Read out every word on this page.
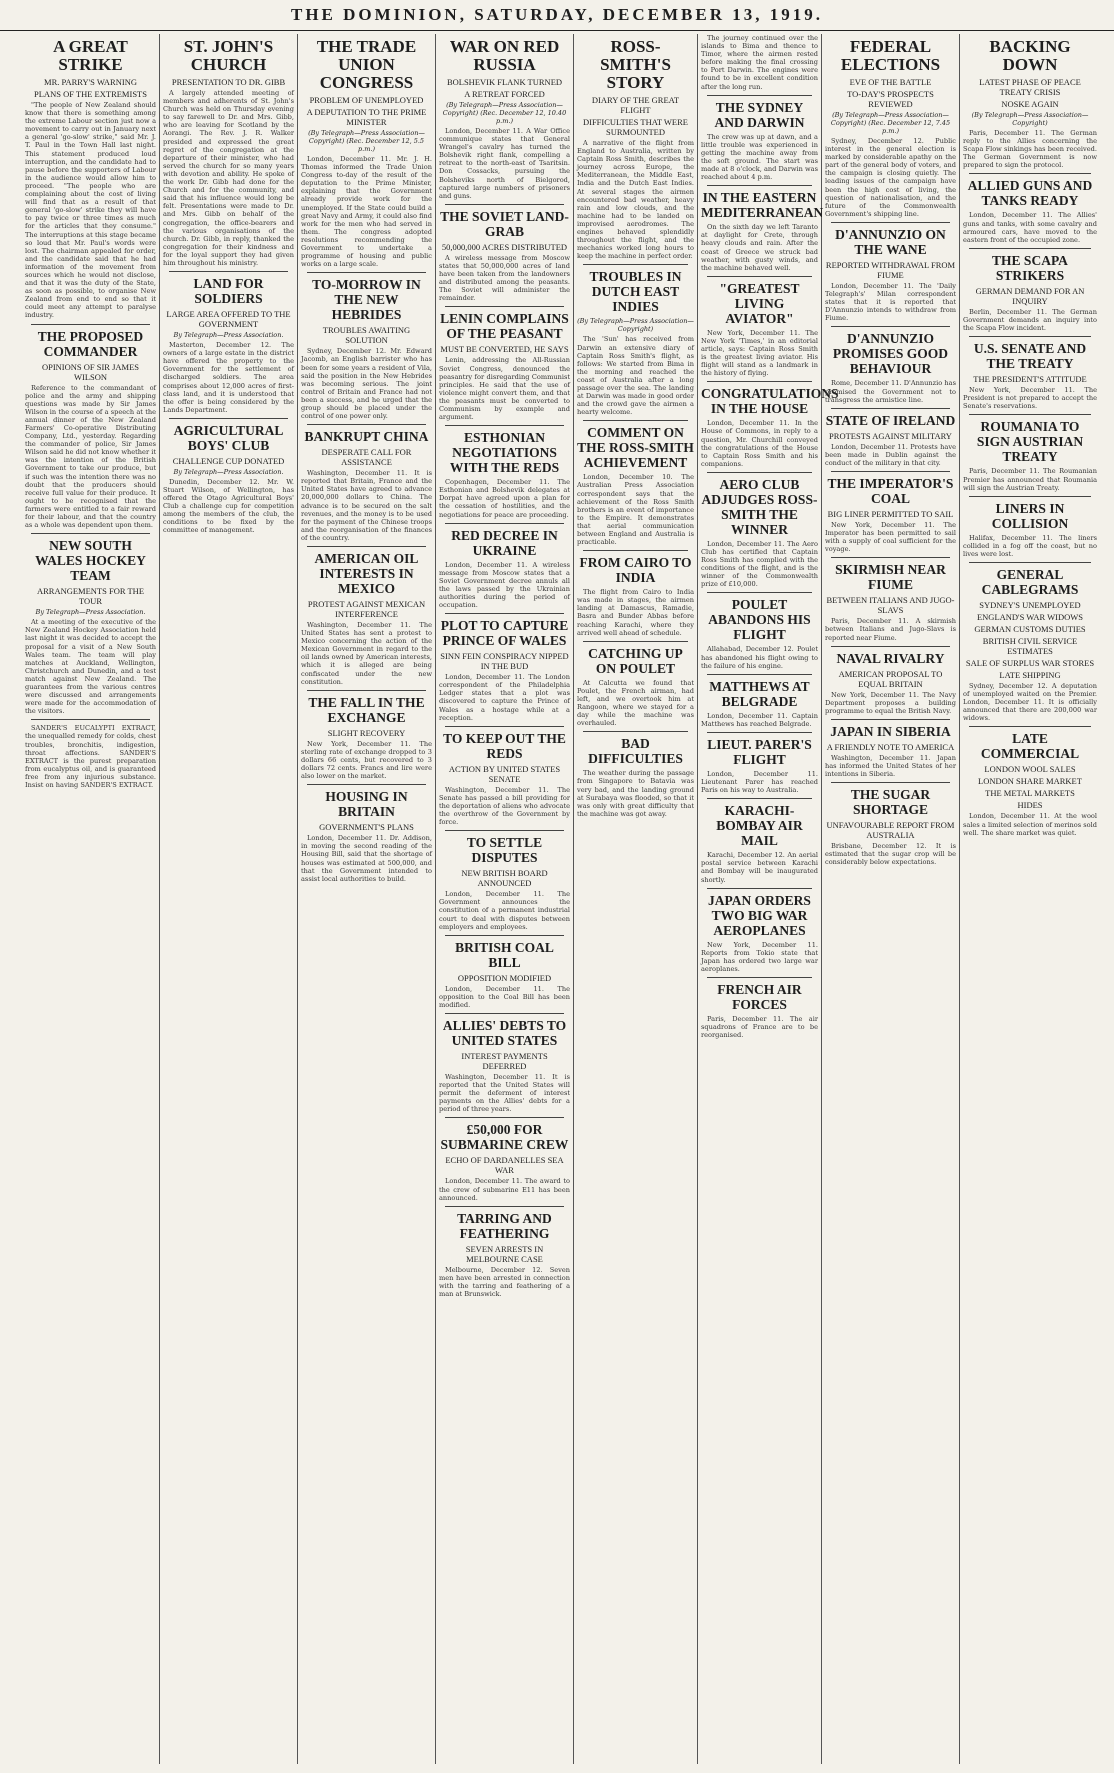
THE DOMINION, SATURDAY, DECEMBER 13, 1919.
A GREAT STRIKE
MR. PARRY'S WARNING
PLANS OF THE EXTREMISTS
"The people of New Zealand should know that there is something among the extreme Labour section just now a movement to carry out in January next a general 'go-slow' strike," said Mr. J. T. Paul in the Town Hall last night. This statement produced loud interruption, and the candidate had to pause before the supporters of Labour in the audience would allow him to proceed. "The people who are complaining about the cost of living will find that as a result of that general 'go-slow' strike they will have to pay twice or three times as much for the articles that they consume." The interruptions at this stage became so loud that Mr. Paul's words were lost. The chairman appealed for order, and the candidate said that he had information of the movement from sources which he would not disclose, and that it was the duty of the State, as soon as possible, to organise New Zealand from end to end so that it could meet any attempt to paralyse industry.
THE PROPOSED COMMANDER
OPINIONS OF SIR JAMES WILSON
Reference to the commandant of police and the army and shipping questions was made by Sir James Wilson in the course of a speech at the annual dinner of the New Zealand Farmers' Co-operative Distributing Company, Ltd., yesterday. Regarding the commander of police, Sir James Wilson said he did not know whether it was the intention of the British Government to take our produce, but if such was the intention there was no doubt that the producers should receive full value for their produce. It ought to be recognised that the farmers were entitled to a fair reward for their labour, and that the country as a whole was dependent upon them.
NEW SOUTH WALES HOCKEY TEAM
ARRANGEMENTS FOR THE TOUR
By Telegraph—Press Association.
At a meeting of the executive of the New Zealand Hockey Association held last night it was decided to accept the proposal for a visit of a New South Wales team. The team will play matches at Auckland, Wellington, Christchurch and Dunedin, and a test match against New Zealand. The guarantees from the various centres were discussed and arrangements were made for the accommodation of the visitors.
SANDER'S EUCALYPTI EXTRACT, the unequalled remedy for colds, chest troubles, bronchitis, indigestion, throat affections. SANDER'S EXTRACT is the purest preparation from eucalyptus oil, and is guaranteed free from any injurious substance. Insist on having SANDER'S EXTRACT.
ST. JOHN'S CHURCH
PRESENTATION TO DR. GIBB
A largely attended meeting of members and adherents of St. John's Church was held on Thursday evening to say farewell to Dr. and Mrs. Gibb, who are leaving for Scotland by the Aorangi. The Rev. J. R. Walker presided and expressed the great regret of the congregation at the departure of their minister, who had served the church for so many years with devotion and ability. He spoke of the work Dr. Gibb had done for the Church and for the community, and said that his influence would long be felt. Presentations were made to Dr. and Mrs. Gibb on behalf of the congregation, the office-bearers and the various organisations of the church. Dr. Gibb, in reply, thanked the congregation for their kindness and for the loyal support they had given him throughout his ministry.
LAND FOR SOLDIERS
LARGE AREA OFFERED TO THE GOVERNMENT
By Telegraph—Press Association.
Masterton, December 12. The owners of a large estate in the district have offered the property to the Government for the settlement of discharged soldiers. The area comprises about 12,000 acres of first-class land, and it is understood that the offer is being considered by the Lands Department.
AGRICULTURAL BOYS' CLUB
CHALLENGE CUP DONATED
By Telegraph—Press Association.
Dunedin, December 12. Mr. W. Stuart Wilson, of Wellington, has offered the Otago Agricultural Boys' Club a challenge cup for competition among the members of the club, the conditions to be fixed by the committee of management.
THE TRADE UNION CONGRESS
PROBLEM OF UNEMPLOYED
A DEPUTATION TO THE PRIME MINISTER
(By Telegraph—Press Association—Copyright) (Rec. December 12, 5.5 p.m.)
London, December 11. Mr. J. H. Thomas informed the Trade Union Congress to-day of the result of the deputation to the Prime Minister, explaining that the Government already provide work for the unemployed. If the State could build a great Navy and Army, it could also find work for the men who had served in them. The congress adopted resolutions recommending the Government to undertake a programme of housing and public works on a large scale.
TO-MORROW IN THE NEW HEBRIDES
TROUBLES AWAITING SOLUTION
Sydney, December 12. Mr. Edward Jacomb, an English barrister who has been for some years a resident of Vila, said the position in the New Hebrides was becoming serious. The joint control of Britain and France had not been a success, and he urged that the group should be placed under the control of one power only.
BANKRUPT CHINA
DESPERATE CALL FOR ASSISTANCE
Washington, December 11. It is reported that Britain, France and the United States have agreed to advance 20,000,000 dollars to China. The advance is to be secured on the salt revenues, and the money is to be used for the payment of the Chinese troops and the reorganisation of the finances of the country.
AMERICAN OIL INTERESTS IN MEXICO
PROTEST AGAINST MEXICAN INTERFERENCE
Washington, December 11. The United States has sent a protest to Mexico concerning the action of the Mexican Government in regard to the oil lands owned by American interests, which it is alleged are being confiscated under the new constitution.
THE FALL IN THE EXCHANGE
SLIGHT RECOVERY
New York, December 11. The sterling rate of exchange dropped to 3 dollars 66 cents, but recovered to 3 dollars 72 cents. Francs and lire were also lower on the market.
HOUSING IN BRITAIN
GOVERNMENT'S PLANS
London, December 11. Dr. Addison, in moving the second reading of the Housing Bill, said that the shortage of houses was estimated at 500,000, and that the Government intended to assist local authorities to build.
WAR ON RED RUSSIA
BOLSHEVIK FLANK TURNED
A RETREAT FORCED
(By Telegraph—Press Association—Copyright) (Rec. December 12, 10.40 p.m.)
London, December 11. A War Office communique states that General Wrangel's cavalry has turned the Bolshevik right flank, compelling a retreat to the north-east of Tsaritsin. Don Cossacks, pursuing the Bolsheviks north of Bielgorod, captured large numbers of prisoners and guns.
THE SOVIET LAND-GRAB
50,000,000 ACRES DISTRIBUTED
A wireless message from Moscow states that 50,000,000 acres of land have been taken from the landowners and distributed among the peasants. The Soviet will administer the remainder.
LENIN COMPLAINS OF THE PEASANT
MUST BE CONVERTED, HE SAYS
Lenin, addressing the All-Russian Soviet Congress, denounced the peasantry for disregarding Communist principles. He said that the use of violence might convert them, and that the peasants must be converted to Communism by example and argument.
ESTHONIAN NEGOTIATIONS WITH THE REDS
Copenhagen, December 11. The Esthonian and Bolshevik delegates at Dorpat have agreed upon a plan for the cessation of hostilities, and the negotiations for peace are proceeding.
RED DECREE IN UKRAINE
London, December 11. A wireless message from Moscow states that a Soviet Government decree annuls all the laws passed by the Ukrainian authorities during the period of occupation.
PLOT TO CAPTURE PRINCE OF WALES
SINN FEIN CONSPIRACY NIPPED IN THE BUD
London, December 11. The London correspondent of the Philadelphia Ledger states that a plot was discovered to capture the Prince of Wales as a hostage while at a reception.
TO KEEP OUT THE REDS
ACTION BY UNITED STATES SENATE
Washington, December 11. The Senate has passed a bill providing for the deportation of aliens who advocate the overthrow of the Government by force.
TO SETTLE DISPUTES
NEW BRITISH BOARD ANNOUNCED
London, December 11. The Government announces the constitution of a permanent industrial court to deal with disputes between employers and employees.
BRITISH COAL BILL
OPPOSITION MODIFIED
London, December 11. The opposition to the Coal Bill has been modified.
ALLIES' DEBTS TO UNITED STATES
INTEREST PAYMENTS DEFERRED
Washington, December 11. It is reported that the United States will permit the deferment of interest payments on the Allies' debts for a period of three years.
£50,000 FOR SUBMARINE CREW
ECHO OF DARDANELLES SEA WAR
London, December 11. The award to the crew of submarine E11 has been announced.
TARRING AND FEATHERING
SEVEN ARRESTS IN MELBOURNE CASE
Melbourne, December 12. Seven men have been arrested in connection with the tarring and feathering of a man at Brunswick.
ROSS-SMITH'S STORY
DIARY OF THE GREAT FLIGHT
DIFFICULTIES THAT WERE SURMOUNTED
A narrative of the flight from England to Australia, written by Captain Ross Smith, describes the journey across Europe, the Mediterranean, the Middle East, India and the Dutch East Indies. At several stages the airmen encountered bad weather, heavy rain and low clouds, and the machine had to be landed on improvised aerodromes. The engines behaved splendidly throughout the flight, and the mechanics worked long hours to keep the machine in perfect order.
TROUBLES IN DUTCH EAST INDIES
(By Telegraph—Press Association—Copyright)
The 'Sun' has received from Darwin an extensive diary of Captain Ross Smith's flight, as follows: We started from Bima in the morning and reached the coast of Australia after a long passage over the sea. The landing at Darwin was made in good order and the crowd gave the airmen a hearty welcome.
COMMENT ON THE ROSS-SMITH ACHIEVEMENT
London, December 10. The Australian Press Association correspondent says that the achievement of the Ross Smith brothers is an event of importance to the Empire. It demonstrates that aerial communication between England and Australia is practicable.
FROM CAIRO TO INDIA
The flight from Cairo to India was made in stages, the airmen landing at Damascus, Ramadie, Basra and Bunder Abbas before reaching Karachi, where they arrived well ahead of schedule.
CATCHING UP ON POULET
At Calcutta we found that Poulet, the French airman, had left, and we overtook him at Rangoon, where we stayed for a day while the machine was overhauled.
BAD DIFFICULTIES
The weather during the passage from Singapore to Batavia was very bad, and the landing ground at Surabaya was flooded, so that it was only with great difficulty that the machine was got away.
The journey continued over the islands to Bima and thence to Timor, where the airmen rested before making the final crossing to Port Darwin. The engines were found to be in excellent condition after the long run.
THE SYDNEY AND DARWIN
The crew was up at dawn, and a little trouble was experienced in getting the machine away from the soft ground. The start was made at 8 o'clock, and Darwin was reached about 4 p.m.
IN THE EASTERN MEDITERRANEAN
On the sixth day we left Taranto at daylight for Crete, through heavy clouds and rain. After the coast of Greece we struck bad weather, with gusty winds, and the machine behaved well.
"GREATEST LIVING AVIATOR"
New York, December 11. The New York 'Times,' in an editorial article, says: Captain Ross Smith is the greatest living aviator. His flight will stand as a landmark in the history of flying.
CONGRATULATIONS IN THE HOUSE
London, December 11. In the House of Commons, in reply to a question, Mr. Churchill conveyed the congratulations of the House to Captain Ross Smith and his companions.
AERO CLUB ADJUDGES ROSS-SMITH THE WINNER
London, December 11. The Aero Club has certified that Captain Ross Smith has complied with the conditions of the flight, and is the winner of the Commonwealth prize of £10,000.
POULET ABANDONS HIS FLIGHT
Allahabad, December 12. Poulet has abandoned his flight owing to the failure of his engine.
MATTHEWS AT BELGRADE
London, December 11. Captain Matthews has reached Belgrade.
LIEUT. PARER'S FLIGHT
London, December 11. Lieutenant Parer has reached Paris on his way to Australia.
KARACHI-BOMBAY AIR MAIL
Karachi, December 12. An aerial postal service between Karachi and Bombay will be inaugurated shortly.
JAPAN ORDERS TWO BIG WAR AEROPLANES
New York, December 11. Reports from Tokio state that Japan has ordered two large war aeroplanes.
FRENCH AIR FORCES
Paris, December 11. The air squadrons of France are to be reorganised.
FEDERAL ELECTIONS
EVE OF THE BATTLE
TO-DAY'S PROSPECTS REVIEWED
(By Telegraph—Press Association—Copyright) (Rec. December 12, 7.45 p.m.)
Sydney, December 12. Public interest in the general election is marked by considerable apathy on the part of the general body of voters, and the campaign is closing quietly. The leading issues of the campaign have been the high cost of living, the question of nationalisation, and the future of the Commonwealth Government's shipping line.
D'ANNUNZIO ON THE WANE
REPORTED WITHDRAWAL FROM FIUME
London, December 11. The 'Daily Telegraph's' Milan correspondent states that it is reported that D'Annunzio intends to withdraw from Fiume.
D'ANNUNZIO PROMISES GOOD BEHAVIOUR
Rome, December 11. D'Annunzio has promised the Government not to transgress the armistice line.
STATE OF IRELAND
PROTESTS AGAINST MILITARY
London, December 11. Protests have been made in Dublin against the conduct of the military in that city.
THE IMPERATOR'S COAL
BIG LINER PERMITTED TO SAIL
New York, December 11. The Imperator has been permitted to sail with a supply of coal sufficient for the voyage.
SKIRMISH NEAR FIUME
BETWEEN ITALIANS AND JUGO-SLAVS
Paris, December 11. A skirmish between Italians and Jugo-Slavs is reported near Fiume.
NAVAL RIVALRY
AMERICAN PROPOSAL TO EQUAL BRITAIN
New York, December 11. The Navy Department proposes a building programme to equal the British Navy.
JAPAN IN SIBERIA
A FRIENDLY NOTE TO AMERICA
Washington, December 11. Japan has informed the United States of her intentions in Siberia.
THE SUGAR SHORTAGE
UNFAVOURABLE REPORT FROM AUSTRALIA
Brisbane, December 12. It is estimated that the sugar crop will be considerably below expectations.
BACKING DOWN
LATEST PHASE OF PEACE TREATY CRISIS
NOSKE AGAIN
(By Telegraph—Press Association—Copyright)
Paris, December 11. The German reply to the Allies concerning the Scapa Flow sinkings has been received. The German Government is now prepared to sign the protocol.
ALLIED GUNS AND TANKS READY
London, December 11. The Allies' guns and tanks, with some cavalry and armoured cars, have moved to the eastern front of the occupied zone.
THE SCAPA STRIKERS
GERMAN DEMAND FOR AN INQUIRY
Berlin, December 11. The German Government demands an inquiry into the Scapa Flow incident.
U.S. SENATE AND THE TREATY
THE PRESIDENT'S ATTITUDE
New York, December 11. The President is not prepared to accept the Senate's reservations.
ROUMANIA TO SIGN AUSTRIAN TREATY
Paris, December 11. The Roumanian Premier has announced that Roumania will sign the Austrian Treaty.
LINERS IN COLLISION
Halifax, December 11. The liners collided in a fog off the coast, but no lives were lost.
GENERAL CABLEGRAMS
SYDNEY'S UNEMPLOYED
ENGLAND'S WAR WIDOWS
GERMAN CUSTOMS DUTIES
BRITISH CIVIL SERVICE ESTIMATES
SALE OF SURPLUS WAR STORES
LATE SHIPPING
Sydney, December 12. A deputation of unemployed waited on the Premier. London, December 11. It is officially announced that there are 200,000 war widows.
LATE COMMERCIAL
LONDON WOOL SALES
LONDON SHARE MARKET
THE METAL MARKETS
HIDES
London, December 11. At the wool sales a limited selection of merinos sold well. The share market was quiet.
